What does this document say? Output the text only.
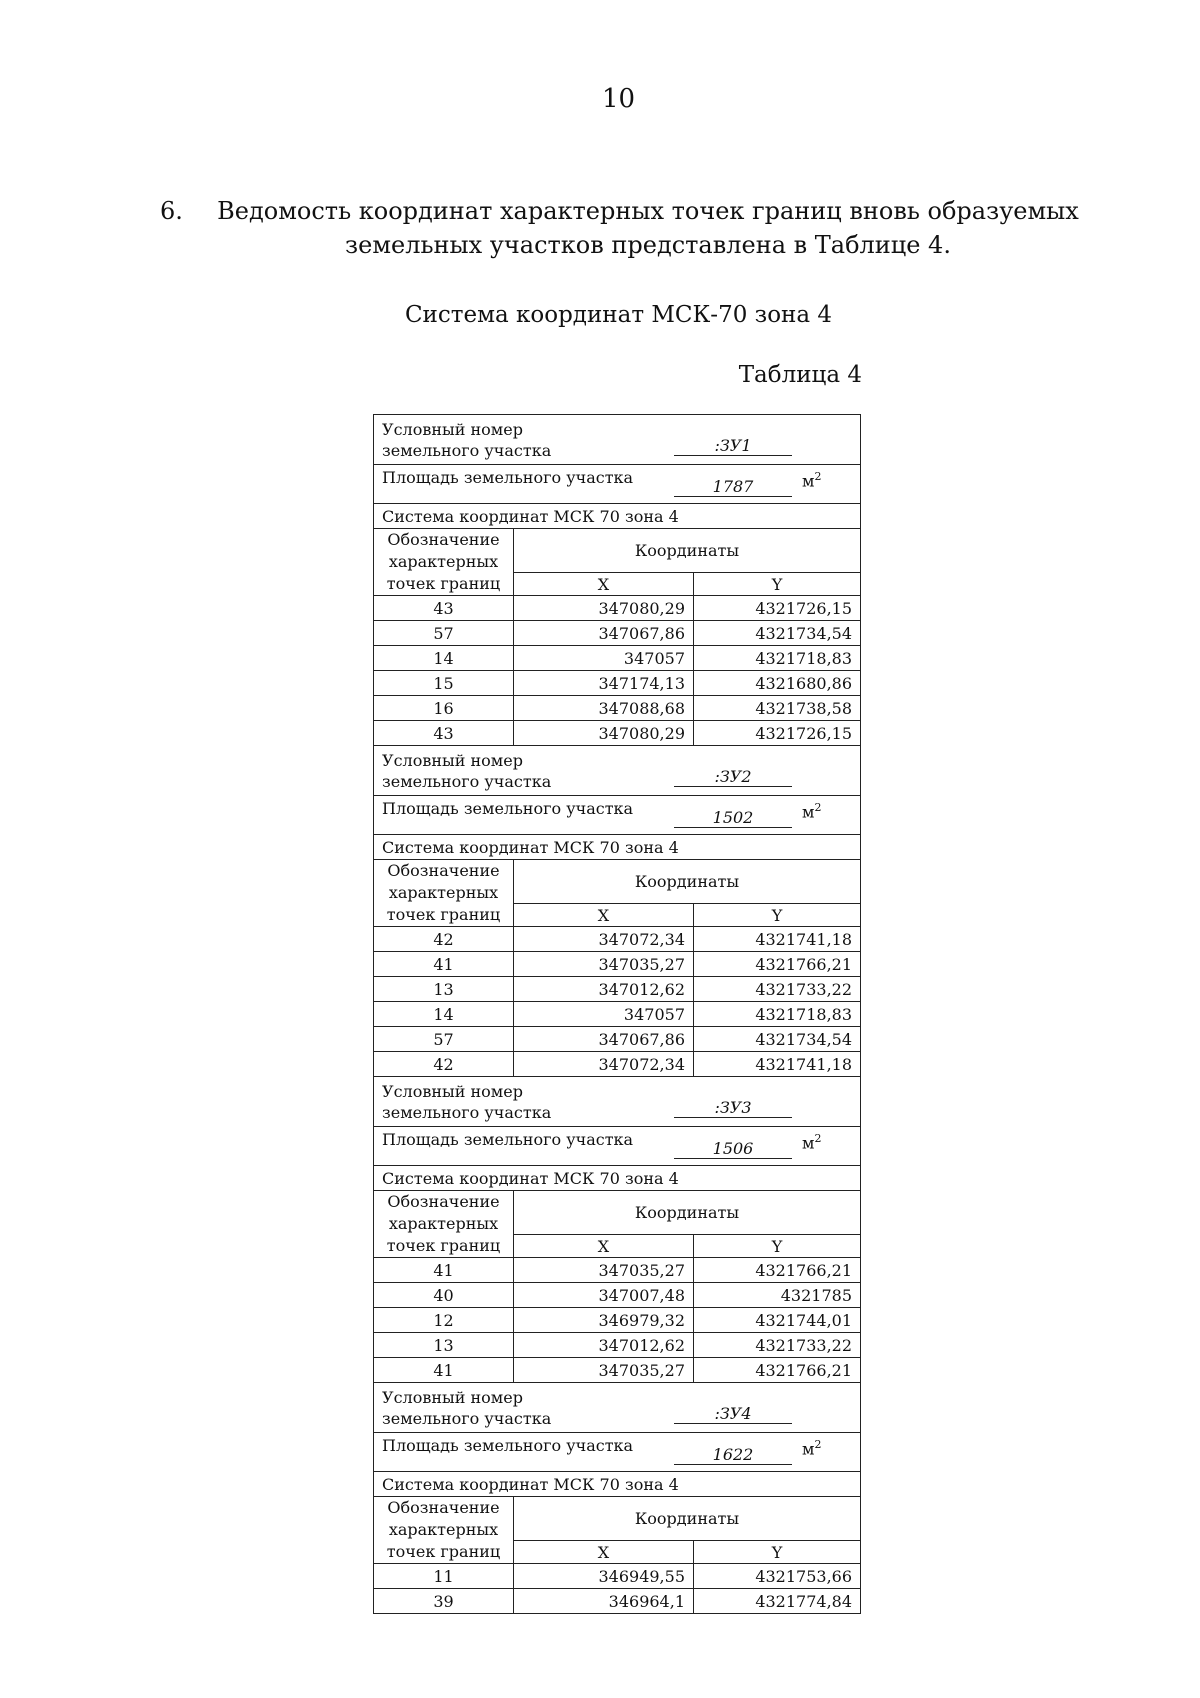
10
6.	Ведомость координат характерных точек границ вновь образуемых земельных участков представлена в Таблице 4.
Система координат МСК-70 зона 4
Таблица 4
Условный номер земельного участка :ЗУ1		

Площадь земельного участка 1787 $м^2$

Система координат МСК 70 зона 4		
Обозначение характерных точек границ	Координаты	
	X	Y
43	347080,29	4321726,15
57	347067,86	4321734,54
14	347057	4321718,83
15	347174,13	4321680,86
16	347088,68	4321738,58
43	347080,29	4321726,15

Условный номер земельного участка :ЗУ2		

Площадь земельного участка 1502 $м^2$

Система координат МСК 70 зона 4		
Обозначение характерных точек границ	Координаты	
	X	Y
42	347072,34	4321741,18
41	347035,27	4321766,21
13	347012,62	4321733,22
14	347057	4321718,83
57	347067,86	4321734,54
42	347072,34	4321741,18

Условный номер земельного участка :ЗУ3		

Площадь земельного участка 1506 $м^2$

Система координат МСК 70 зона 4		
Обозначение характерных точек границ	Координаты	
	X	Y
41	347035,27	4321766,21
40	347007,48	4321785
12	346979,32	4321744,01
13	347012,62	4321733,22
41	347035,27	4321766,21

Условный номер земельного участка :ЗУ4		

Площадь земельного участка 1622 $м^2$

Система координат МСК 70 зона 4		
Обозначение характерных точек границ	Координаты	
	X	Y
11	346949,55	4321753,66
39	346964,1	4321774,84
